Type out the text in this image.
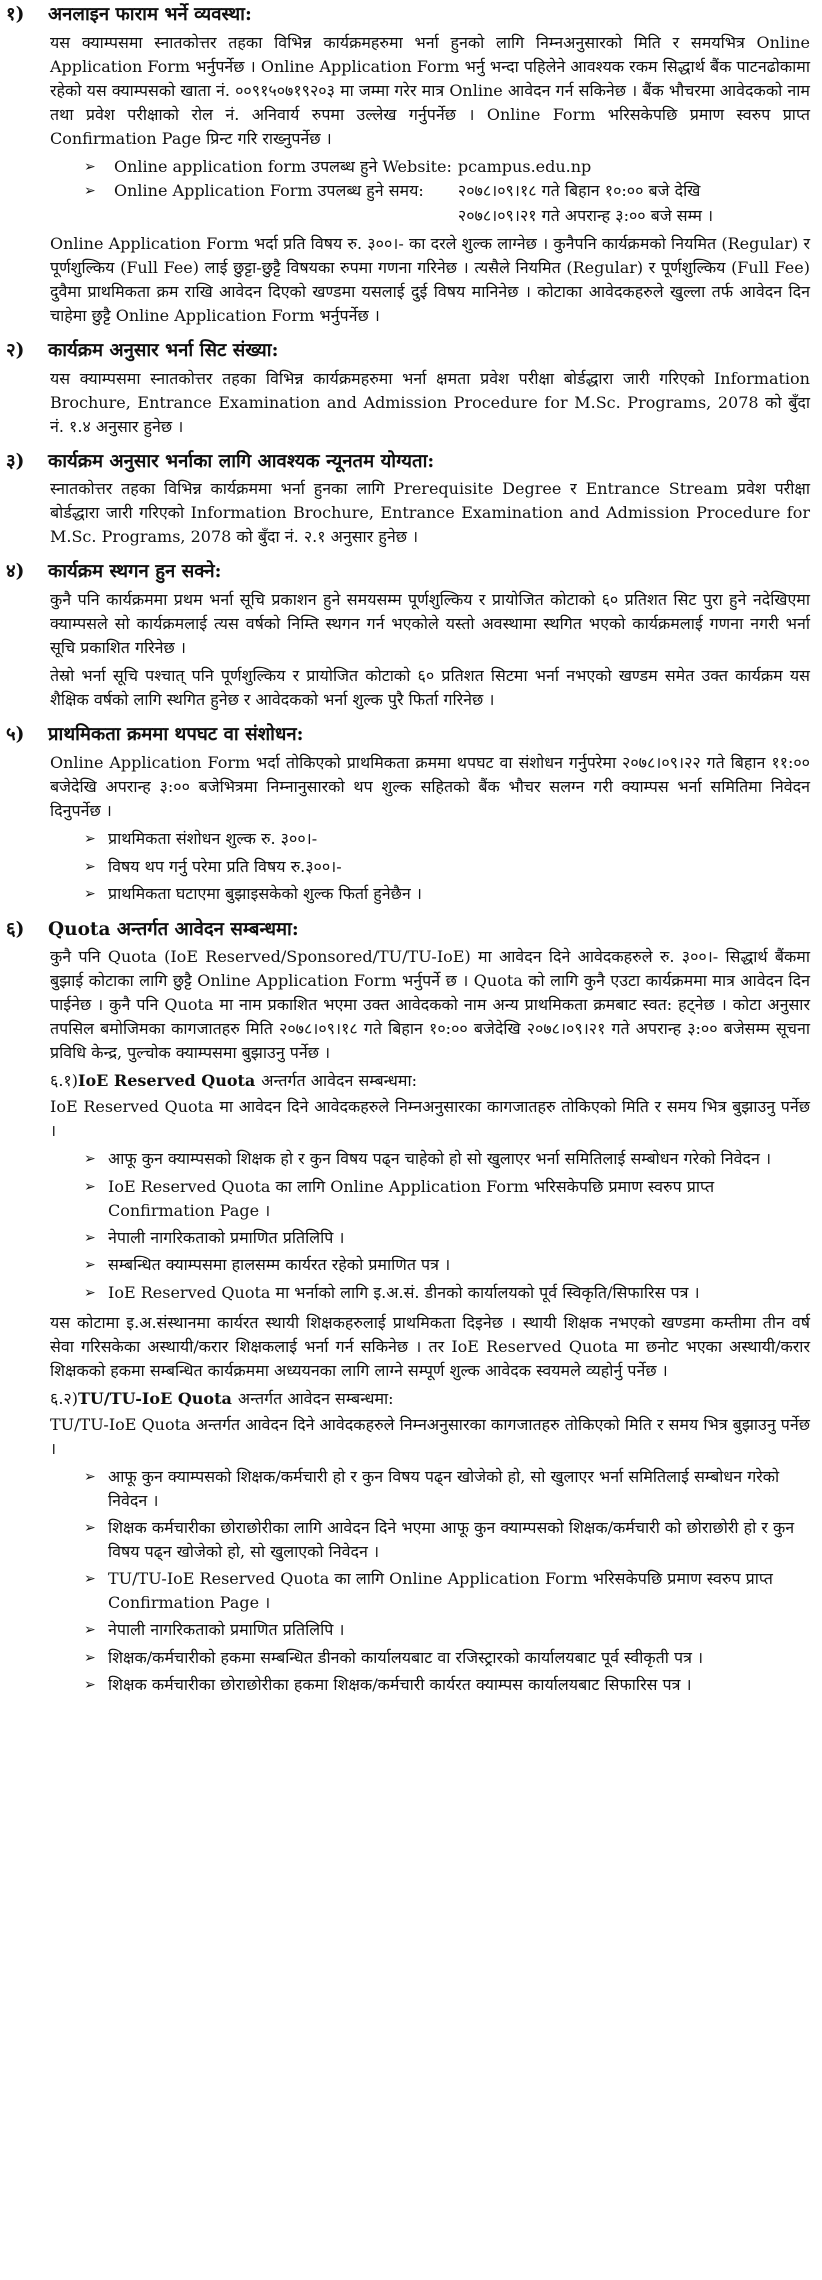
१)	अनलाइन फाराम भर्ने व्यवस्था:

यस क्याम्पसमा स्नातकोत्तर तहका विभिन्न कार्यक्रमहरुमा भर्ना हुनको लागि निम्नअनुसारको मिति र समयभित्र Online Application Form भर्नुपर्नेछ । Online Application Form भर्नु भन्दा पहिलेने आवश्यक रकम सिद्धार्थ बैंक पाटनढोकामा रहेको यस क्याम्पसको खाता नं. ००९१५०७१९२०३ मा जम्मा गरेर मात्र Online आवेदन गर्न सकिनेछ । बैंक भौचरमा आवेदकको नाम तथा प्रवेश परीक्षाको रोल नं. अनिवार्य रुपमा उल्लेख गर्नुपर्नेछ । Online Form भरिसकेपछि प्रमाण स्वरुप प्राप्त Confirmation Page प्रिन्ट गरि राख्नुपर्नेछ ।

➢	Online application form उपलब्ध हुने Website:	pcampus.edu.np
➢	Online Application Form उपलब्ध हुने समय:	२०७८।०९।१८ गते बिहान १०:०० बजे देखि
		२०७८।०९।२१ गते अपरान्ह ३:०० बजे सम्म ।

Online Application Form भर्दा प्रति विषय रु. ३००।- का दरले शुल्क लाग्नेछ । कुनैपनि कार्यक्रमको नियमित (Regular) र पूर्णशुल्किय (Full Fee) लाई छुट्टा-छुट्टै विषयका रुपमा गणना गरिनेछ । त्यसैले नियमित (Regular) र पूर्णशुल्किय (Full Fee) दुवैमा प्राथमिकता क्रम राखि आवेदन दिएको खण्डमा यसलाई दुई विषय मानिनेछ । कोटाका आवेदकहरुले खुल्ला तर्फ आवेदन दिन चाहेमा छुट्टै Online Application Form भर्नुपर्नेछ ।

२)	कार्यक्रम अनुसार भर्ना सिट संख्या:

यस क्याम्पसमा स्नातकोत्तर तहका विभिन्न कार्यक्रमहरुमा भर्ना क्षमता प्रवेश परीक्षा बोर्डद्धारा जारी गरिएको Information Brochure, Entrance Examination and Admission Procedure for M.Sc. Programs, 2078 को बुँदा नं. १.४ अनुसार हुनेछ ।

३)	कार्यक्रम अनुसार भर्नाका लागि आवश्यक न्यूनतम योग्यता:

स्नातकोत्तर तहका विभिन्न कार्यक्रममा भर्ना हुनका लागि Prerequisite Degree र Entrance Stream प्रवेश परीक्षा बोर्डद्धारा जारी गरिएको Information Brochure, Entrance Examination and Admission Procedure for M.Sc. Programs, 2078 को बुँदा नं. २.१ अनुसार हुनेछ ।

४)	कार्यक्रम स्थगन हुन सक्ने:

कुनै पनि कार्यक्रममा प्रथम भर्ना सूचि प्रकाशन हुने समयसम्म पूर्णशुल्किय र प्रायोजित कोटाको ६० प्रतिशत सिट पुरा हुने नदेखिएमा क्याम्पसले सो कार्यक्रमलाई त्यस वर्षको निम्ति स्थगन गर्न भएकोले यस्तो अवस्थामा स्थगित भएको कार्यक्रमलाई गणना नगरी भर्ना सूचि प्रकाशित गरिनेछ ।

तेस्रो भर्ना सूचि पश्चात् पनि पूर्णशुल्किय र प्रायोजित कोटाको ६० प्रतिशत सिटमा भर्ना नभएको खण्डम समेत उक्त कार्यक्रम यस शैक्षिक वर्षको लागि स्थगित हुनेछ र आवेदकको भर्ना शुल्क पुरै फिर्ता गरिनेछ ।

५)	प्राथमिकता क्रममा थपघट वा संशोधन:

Online Application Form भर्दा तोकिएको प्राथमिकता क्रममा थपघट वा संशोधन गर्नुपरेमा २०७८।०९।२२ गते बिहान ११:०० बजेदेखि अपरान्ह ३:०० बजेभित्रमा निम्नानुसारको थप शुल्क सहितको बैंक भौचर सलग्न गरी क्याम्पस भर्ना समितिमा निवेदन दिनुपर्नेछ ।

➢ प्राथमिकता संशोधन शुल्क रु. ३००।-
➢ विषय थप गर्नु परेमा प्रति विषय रु.३००।-
➢ प्राथमिकता घटाएमा बुझाइसकेको शुल्क फिर्ता हुनेछैन ।
६)	Quota अन्तर्गत आवेदन सम्बन्धमा:

कुनै पनि Quota (IoE Reserved/Sponsored/TU/TU-IoE) मा आवेदन दिने आवेदकहरुले रु. ३००।- सिद्धार्थ बैंकमा बुझाई कोटाका लागि छुट्टै Online Application Form भर्नुपर्ने छ । Quota को लागि कुनै एउटा कार्यक्रममा मात्र आवेदन दिन पाईनेछ । कुनै पनि Quota मा नाम प्रकाशित भएमा उक्त आवेदकको नाम अन्य प्राथमिकता क्रमबाट स्वत: हट्नेछ । कोटा अनुसार तपसिल बमोजिमका कागजातहरु मिति २०७८।०९।१८ गते बिहान १०:०० बजेदेखि २०७८।०९।२१ गते अपरान्ह ३:०० बजेसम्म सूचना प्रविधि केन्द्र, पुल्चोक क्याम्पसमा बुझाउनु पर्नेछ ।

६.१) IoE Reserved Quota अन्तर्गत आवेदन सम्बन्धमा:

IoE Reserved Quota मा आवेदन दिने आवेदकहरुले निम्नअनुसारका कागजातहरु तोकिएको मिति र समय भित्र बुझाउनु पर्नेछ ।

➢ आफू कुन क्याम्पसको शिक्षक हो र कुन विषय पढ्न चाहेको हो सो खुलाएर भर्ना समितिलाई सम्बोधन गरेको निवेदन ।
➢ IoE Reserved Quota का लागि Online Application Form भरिसकेपछि प्रमाण स्वरुप प्राप्त Confirmation Page ।
➢ नेपाली नागरिकताको प्रमाणित प्रतिलिपि ।
➢ सम्बन्धित क्याम्पसमा हालसम्म कार्यरत रहेको प्रमाणित पत्र ।
➢ IoE Reserved Quota मा भर्नाको लागि इ.अ.सं. डीनको कार्यालयको पूर्व स्विकृति/सिफारिस पत्र ।

यस कोटामा इ.अ.संस्थानमा कार्यरत स्थायी शिक्षकहरुलाई प्राथमिकता दिइनेछ । स्थायी शिक्षक नभएको खण्डमा कम्तीमा तीन वर्ष सेवा गरिसकेका अस्थायी/करार शिक्षकलाई भर्ना गर्न सकिनेछ । तर IoE Reserved Quota मा छनोट भएका अस्थायी/करार शिक्षकको हकमा सम्बन्धित कार्यक्रममा अध्ययनका लागि लाग्ने सम्पूर्ण शुल्क आवेदक स्वयमले व्यहोर्नु पर्नेछ ।

६.२) TU/TU-IoE Quota अन्तर्गत आवेदन सम्बन्धमा:

TU/TU-IoE Quota अन्तर्गत आवेदन दिने आवेदकहरुले निम्नअनुसारका कागजातहरु तोकिएको मिति र समय भित्र बुझाउनु पर्नेछ ।

➢ आफू कुन क्याम्पसको शिक्षक/कर्मचारी हो र कुन विषय पढ्न खोजेको हो, सो खुलाएर भर्ना समितिलाई सम्बोधन गरेको निवेदन ।
➢ शिक्षक कर्मचारीका छोराछोरीका लागि आवेदन दिने भएमा आफू कुन क्याम्पसको शिक्षक/कर्मचारी को छोराछोरी हो र कुन विषय पढ्न खोजेको हो, सो खुलाएको निवेदन ।
➢ TU/TU-IoE Reserved Quota का लागि Online Application Form भरिसकेपछि प्रमाण स्वरुप प्राप्त Confirmation Page ।
➢ नेपाली नागरिकताको प्रमाणित प्रतिलिपि ।
➢ शिक्षक/कर्मचारीको हकमा सम्बन्धित डीनको कार्यालयबाट वा रजिस्ट्रारको कार्यालयबाट पूर्व स्वीकृती पत्र ।
➢ शिक्षक कर्मचारीका छोराछोरीका हकमा शिक्षक/कर्मचारी कार्यरत क्याम्पस कार्यालयबाट सिफारिस पत्र ।
